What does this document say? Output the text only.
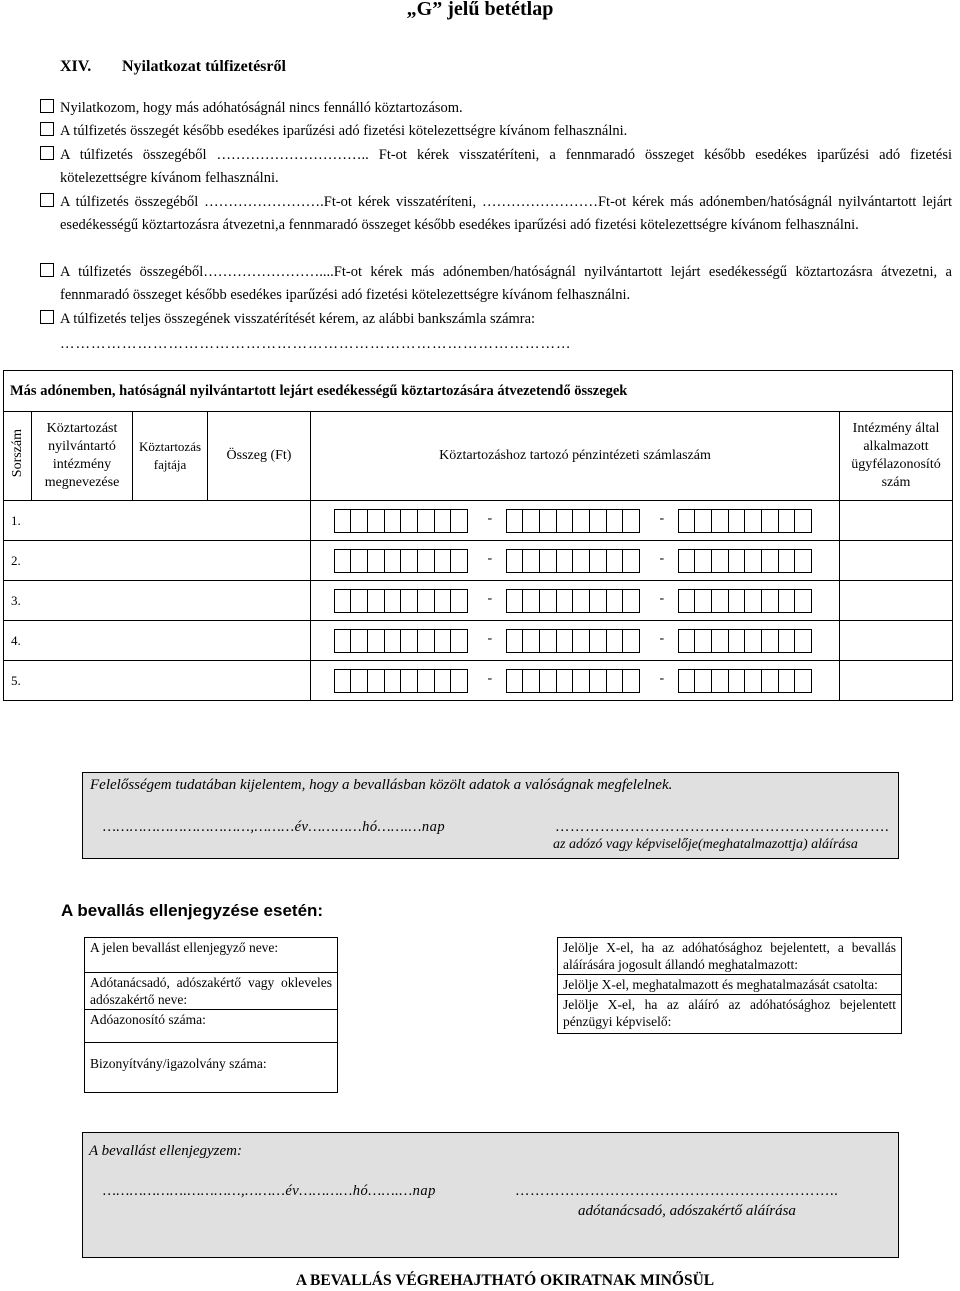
„G” jelű betétlap
XIV. Nyilatkozat túlfizetésről
Nyilatkozom, hogy más adóhatóságnál nincs fennálló köztartozásom.
A túlfizetés összegét később esedékes iparűzési adó fizetési kötelezettségre kívánom felhasználni.
A túlfizetés összegéből ………………………….. Ft-ot kérek visszatéríteni, a fennmaradó összeget később esedékes iparűzési adó fizetési kötelezettségre kívánom felhasználni.
A túlfizetés összegéből …………………….Ft-ot kérek visszatéríteni, ……………………Ft-ot kérek más adónemben/hatóságnál nyilvántartott lejárt esedékességű köztartozásra átvezetni,a fennmaradó összeget később esedékes iparűzési adó fizetési kötelezettségre kívánom felhasználni.
A túlfizetés összegéből……………………....Ft-ot kérek más adónemben/hatóságnál nyilvántartott lejárt esedékességű köztartozásra átvezetni, a fennmaradó összeget később esedékes iparűzési adó fizetési kötelezettségre kívánom felhasználni.
A túlfizetés teljes összegének visszatérítését kérem, az alábbi bankszámla számra:
………………………………………………………………………………………
Más adónemben, hatóságnál nyilvántartott lejárt esedékességű köztartozására átvezetendő összegek					
Sorszám	Köztartozást nyilvántartó intézmény megnevezése	Köztartozás fajtája	Összeg (Ft)	Köztartozáshoz tartozó pénzintézeti számlaszám	Intézmény által alkalmazott ügyfélazonosító szám
1.				- -	

2.				- -	

3.				- -	

4.				- -	

5.				- -	

Felelősségem tudatában kijelentem, hogy a bevallásban közölt adatok a valóságnak megfelelnek.
……………………………,………év…………hó…….…nap	………………………………………………………….
az adózó vagy képviselője(meghatalmazottja) aláírása
A bevallás ellenjegyzése esetén:
A jelen bevallást ellenjegyző neve:
Adótanácsadó, adószakértő vagy okleveles adószakértő neve:
Adóazonosító száma:
Bizonyítvány/igazolvány száma:
Jelölje X-el, ha az adóhatósághoz bejelentett, a bevallás aláírására jogosult állandó meghatalmazott:
Jelölje X-el, meghatalmazott és meghatalmazását csatolta:
Jelölje X-el, ha az aláíró az adóhatósághoz bejelentett pénzügyi képviselő:
A bevallást ellenjegyzem:
……………….…………,………év…………hó…….…nap	………………………………………………………..
adótanácsadó, adószakértő aláírása
A BEVALLÁS VÉGREHAJTHATÓ OKIRATNAK MINŐSÜL
